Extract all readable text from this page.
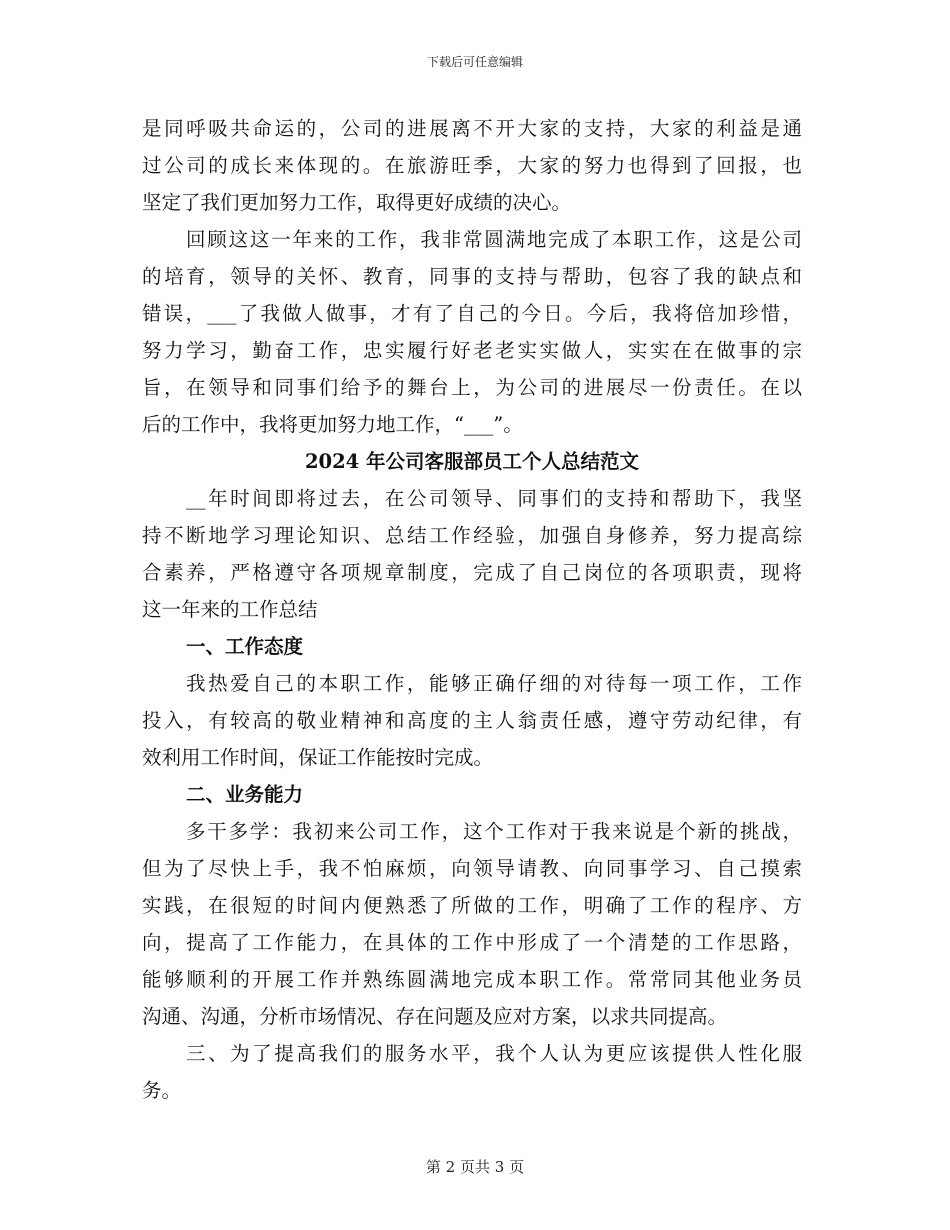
下载后可任意编辑
是同呼吸共命运的，公司的进展离不开大家的支持，大家的利益是通
过公司的成长来体现的。在旅游旺季，大家的努力也得到了回报，也
坚定了我们更加努力工作，取得更好成绩的决心。
回顾这这一年来的工作，我非常圆满地完成了本职工作，这是公司
的培育，领导的关怀、教育，同事的支持与帮助，包容了我的缺点和
错误，___了我做人做事，才有了自己的今日。今后，我将倍加珍惜，
努力学习，勤奋工作，忠实履行好老老实实做人，实实在在做事的宗
旨，在领导和同事们给予的舞台上，为公司的进展尽一份责任。在以
后的工作中，我将更加努力地工作，“___”。
2024 年公司客服部员工个人总结范文
__年时间即将过去，在公司领导、同事们的支持和帮助下，我坚
持不断地学习理论知识、总结工作经验，加强自身修养，努力提高综
合素养，严格遵守各项规章制度，完成了自己岗位的各项职责，现将
这一年来的工作总结
一、工作态度
我热爱自己的本职工作，能够正确仔细的对待每一项工作，工作
投入，有较高的敬业精神和高度的主人翁责任感，遵守劳动纪律，有
效利用工作时间，保证工作能按时完成。
二、业务能力
多干多学：我初来公司工作，这个工作对于我来说是个新的挑战，
但为了尽快上手，我不怕麻烦，向领导请教、向同事学习、自己摸索
实践，在很短的时间内便熟悉了所做的工作，明确了工作的程序、方
向，提高了工作能力，在具体的工作中形成了一个清楚的工作思路，
能够顺利的开展工作并熟练圆满地完成本职工作。常常同其他业务员
沟通、沟通，分析市场情况、存在问题及应对方案，以求共同提高。
三、为了提高我们的服务水平，我个人认为更应该提供人性化服
务。
第 2 页共 3 页
